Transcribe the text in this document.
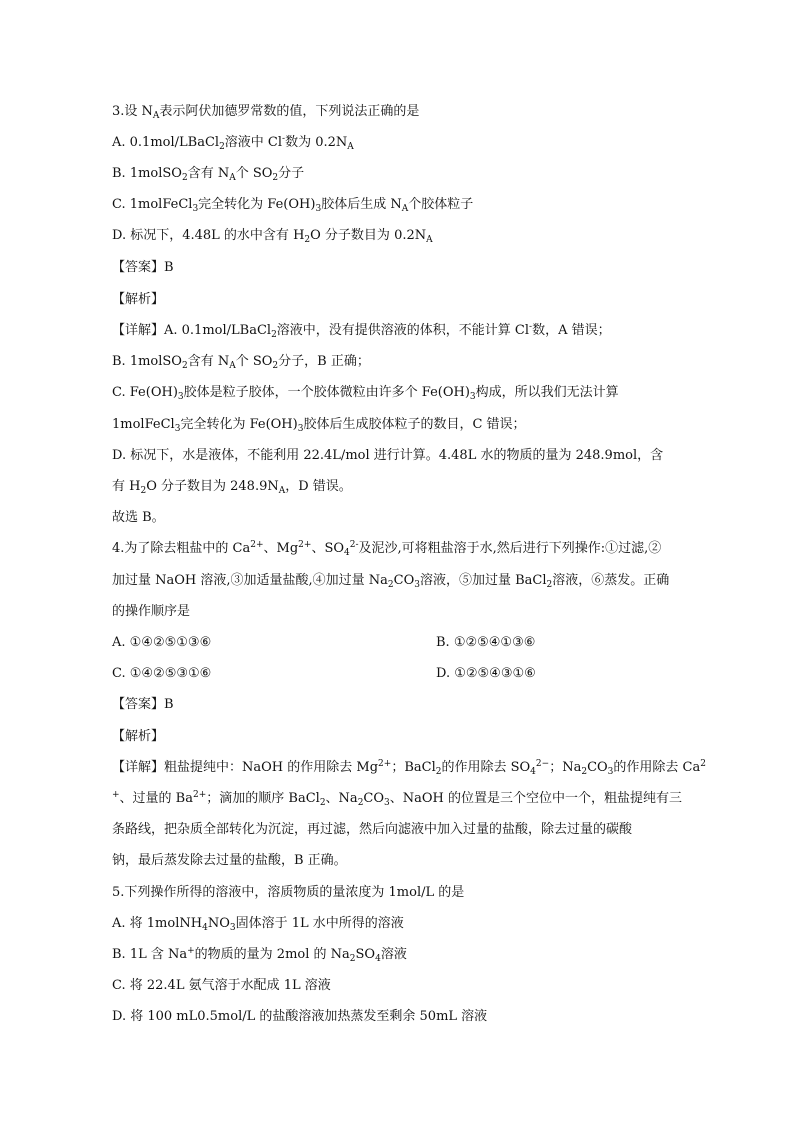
3.设 $N_A$表示阿伏加德罗常数的值，下列说法正确的是
A. 0.1mol/LBaCl$_2$溶液中 Cl-数为 $0.2N_A$
B. 1molSO$_2$含有 $N_A$个 $SO_2$分子
C. 1molFeCl$_3$完全转化为 $Fe(OH)_3$胶体后生成 $N_A$个胶体粒子
D. 标况下，4.48L 的水中含有 $H_2O$ 分子数目为 $0.2N_A$
【答案】B
【解析】
【详解】A. 0.1mol/LBaCl$_2$溶液中，没有提供溶液的体积，不能计算 Cl-数，A 错误；
B. 1molSO$_2$含有 $N_A$个 $SO_2$分子，B 正确；
C. $Fe(OH)_3$胶体是粒子胶体，一个胶体微粒由许多个 $Fe(OH)_3$构成，所以我们无法计算
1molFeCl$_3$完全转化为 $Fe(OH)_3$胶体后生成胶体粒子的数目，C 错误；
D. 标况下，水是液体，不能利用 22.4L/mol 进行计算。4.48L 水的物质的量为 248.9mol，含
有 $H_2O$ 分子数目为 $248.9N_A$，D 错误。
故选 B。
4.为了除去粗盐中的 $Ca^{2+}$、$Mg^{2+}$、$SO_4^{2-}$及泥沙,可将粗盐溶于水,然后进行下列操作:①过滤,②
加过量 NaOH 溶液,③加适量盐酸,④加过量 $Na_2CO_3$溶液，⑤加过量 BaCl$_2$溶液，⑥蒸发。正确
的操作顺序是
A. ①④②⑤①③⑥	B. ①②⑤④①③⑥
C. ①④②⑤③①⑥	D. ①②⑤④③①⑥
【答案】B
【解析】
【详解】粗盐提纯中：NaOH 的作用除去 $Mg^{2+}$；BaCl$_2$的作用除去 $SO_4^{2-}$；$Na_2CO_3$的作用除去 Ca$^2$
+、过量的 $Ba^{2+}$；滴加的顺序 BaCl$_2$、$Na_2CO_3$、NaOH 的位置是三个空位中一个，粗盐提纯有三
条路线，把杂质全部转化为沉淀，再过滤，然后向滤液中加入过量的盐酸，除去过量的碳酸
钠，最后蒸发除去过量的盐酸，B 正确。
5.下列操作所得的溶液中，溶质物质的量浓度为 1mol/L 的是
A. 将 $1molNH_4NO_3$固体溶于 1L 水中所得的溶液
B. 1L 含 Na+的物质的量为 2mol 的 $Na_2SO_4$溶液
C. 将 22.4L 氨气溶于水配成 1L 溶液
D. 将 100 mL0.5mol/L 的盐酸溶液加热蒸发至剩余 50mL 溶液
